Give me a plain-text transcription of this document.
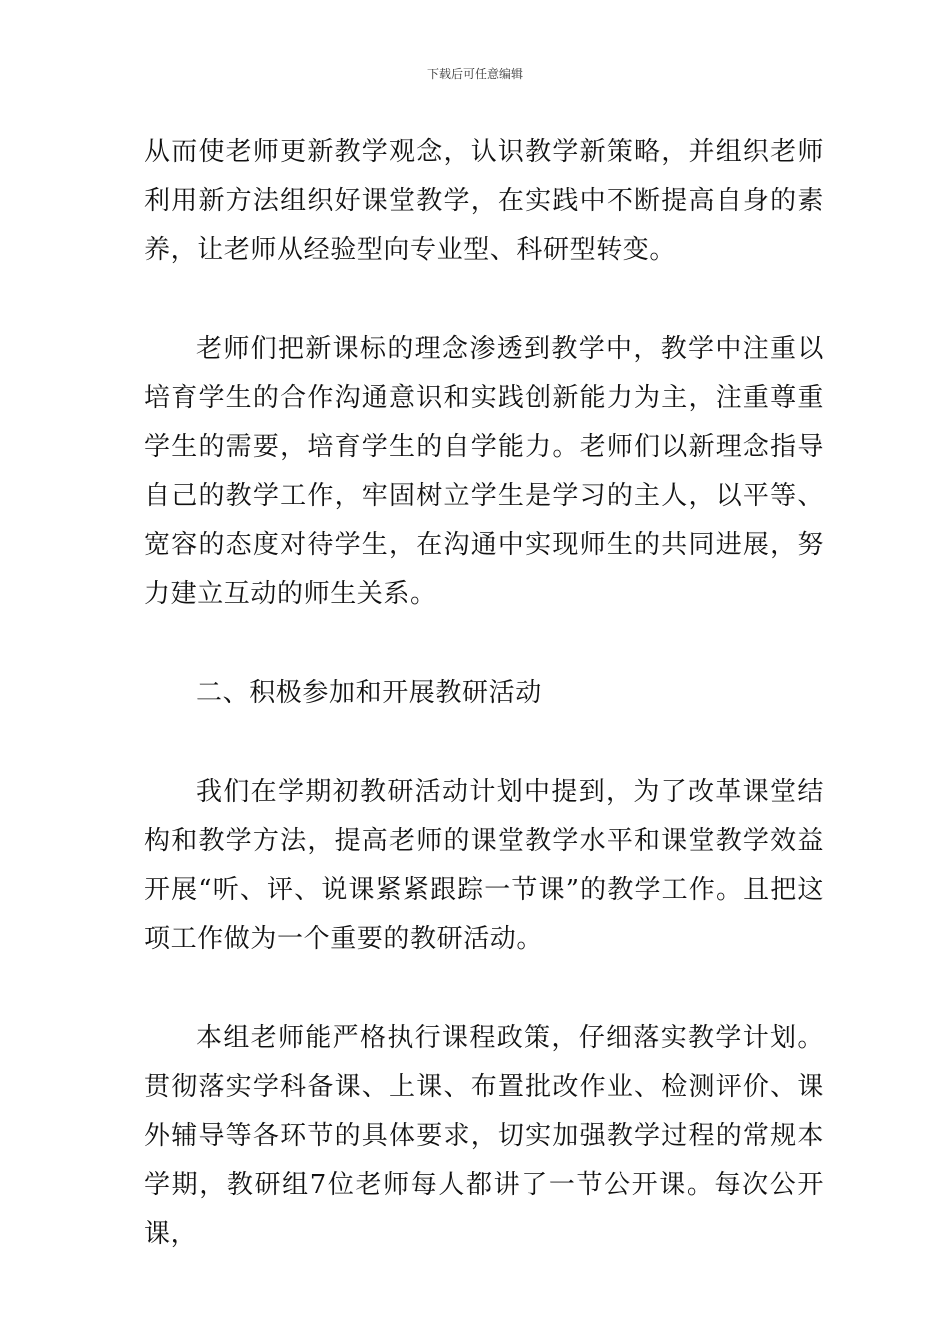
下载后可任意编辑

从而使老师更新教学观念，认识教学新策略，并组织老师利用新方法组织好课堂教学，在实践中不断提高自身的素养，让老师从经验型向专业型、科研型转变。

老师们把新课标的理念渗透到教学中，教学中注重以培育学生的合作沟通意识和实践创新能力为主，注重尊重学生的需要，培育学生的自学能力。老师们以新理念指导自己的教学工作，牢固树立学生是学习的主人，以平等、宽容的态度对待学生，在沟通中实现师生的共同进展，努力建立互动的师生关系。

二、积极参加和开展教研活动

我们在学期初教研活动计划中提到，为了改革课堂结构和教学方法，提高老师的课堂教学水平和课堂教学效益开展“听、评、说课紧紧跟踪一节课”的教学工作。且把这项工作做为一个重要的教研活动。

本组老师能严格执行课程政策，仔细落实教学计划。贯彻落实学科备课、上课、布置批改作业、检测评价、课外辅导等各环节的具体要求，切实加强教学过程的常规本学期，教研组7位老师每人都讲了一节公开课。每次公开课，
